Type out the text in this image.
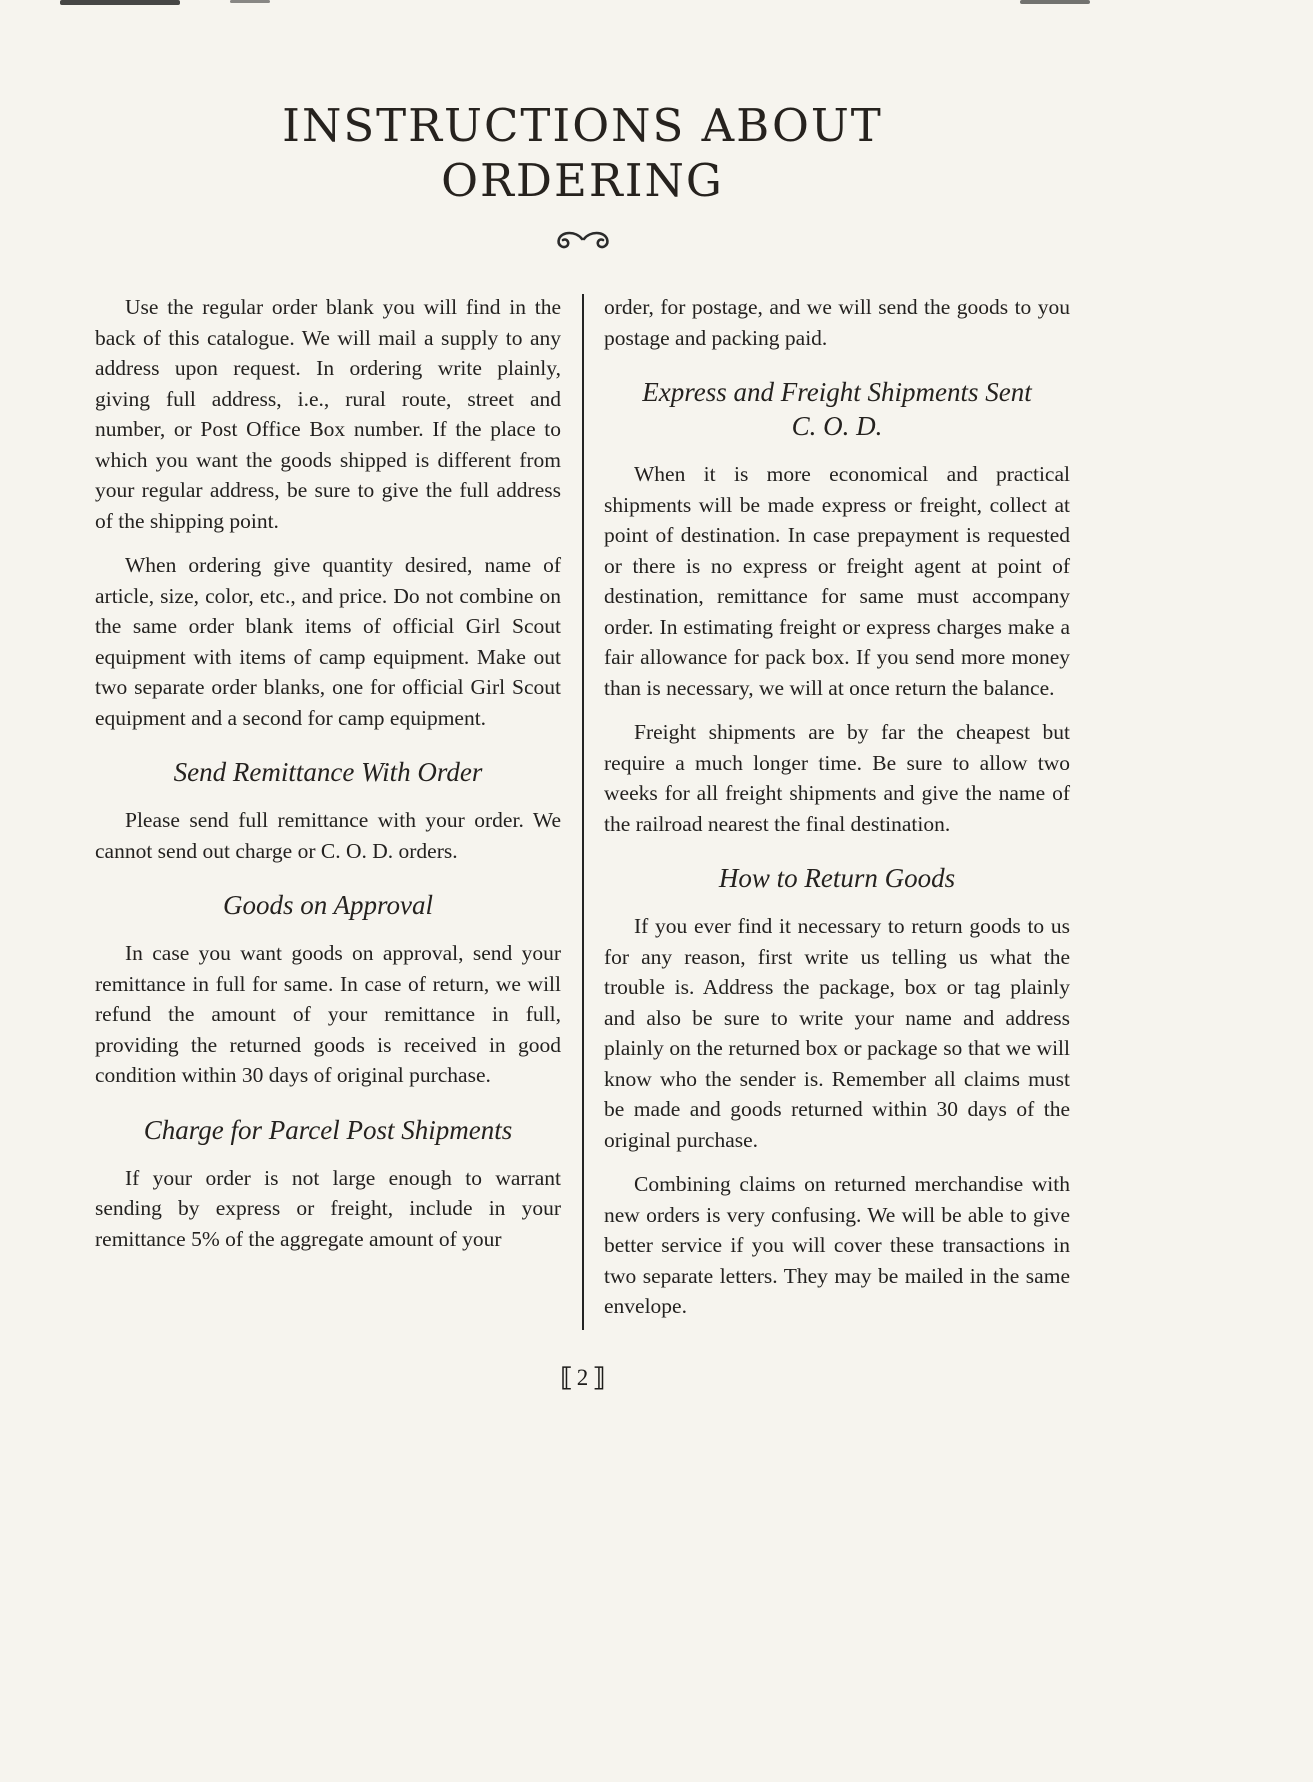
INSTRUCTIONS ABOUT
ORDERING

Use the regular order blank you will find in the back of this catalogue. We will mail a supply to any address upon request. In ordering write plainly, giving full address, i.e., rural route, street and number, or Post Office Box number. If the place to which you want the goods shipped is different from your regular address, be sure to give the full address of the shipping point.

When ordering give quantity desired, name of article, size, color, etc., and price. Do not combine on the same order blank items of official Girl Scout equipment with items of camp equipment. Make out two separate order blanks, one for official Girl Scout equipment and a second for camp equipment.

Send Remittance With Order

Please send full remittance with your order. We cannot send out charge or C. O. D. orders.

Goods on Approval

In case you want goods on approval, send your remittance in full for same. In case of return, we will refund the amount of your remittance in full, providing the returned goods is received in good condition within 30 days of original purchase.

Charge for Parcel Post Shipments

If your order is not large enough to warrant sending by express or freight, include in your remittance 5% of the aggregate amount of your

order, for postage, and we will send the goods to you postage and packing paid.

Express and Freight Shipments Sent
C. O. D.

When it is more economical and practical shipments will be made express or freight, collect at point of destination. In case prepayment is requested or there is no express or freight agent at point of destination, remittance for same must accompany order. In estimating freight or express charges make a fair allowance for pack box. If you send more money than is necessary, we will at once return the balance.

Freight shipments are by far the cheapest but require a much longer time. Be sure to allow two weeks for all freight shipments and give the name of the railroad nearest the final destination.

How to Return Goods

If you ever find it necessary to return goods to us for any reason, first write us telling us what the trouble is. Address the package, box or tag plainly and also be sure to write your name and address plainly on the returned box or package so that we will know who the sender is. Remember all claims must be made and goods returned within 30 days of the original purchase.

Combining claims on returned merchandise with new orders is very confusing. We will be able to give better service if you will cover these transactions in two separate letters. They may be mailed in the same envelope.

⟦ 2 ⟧
